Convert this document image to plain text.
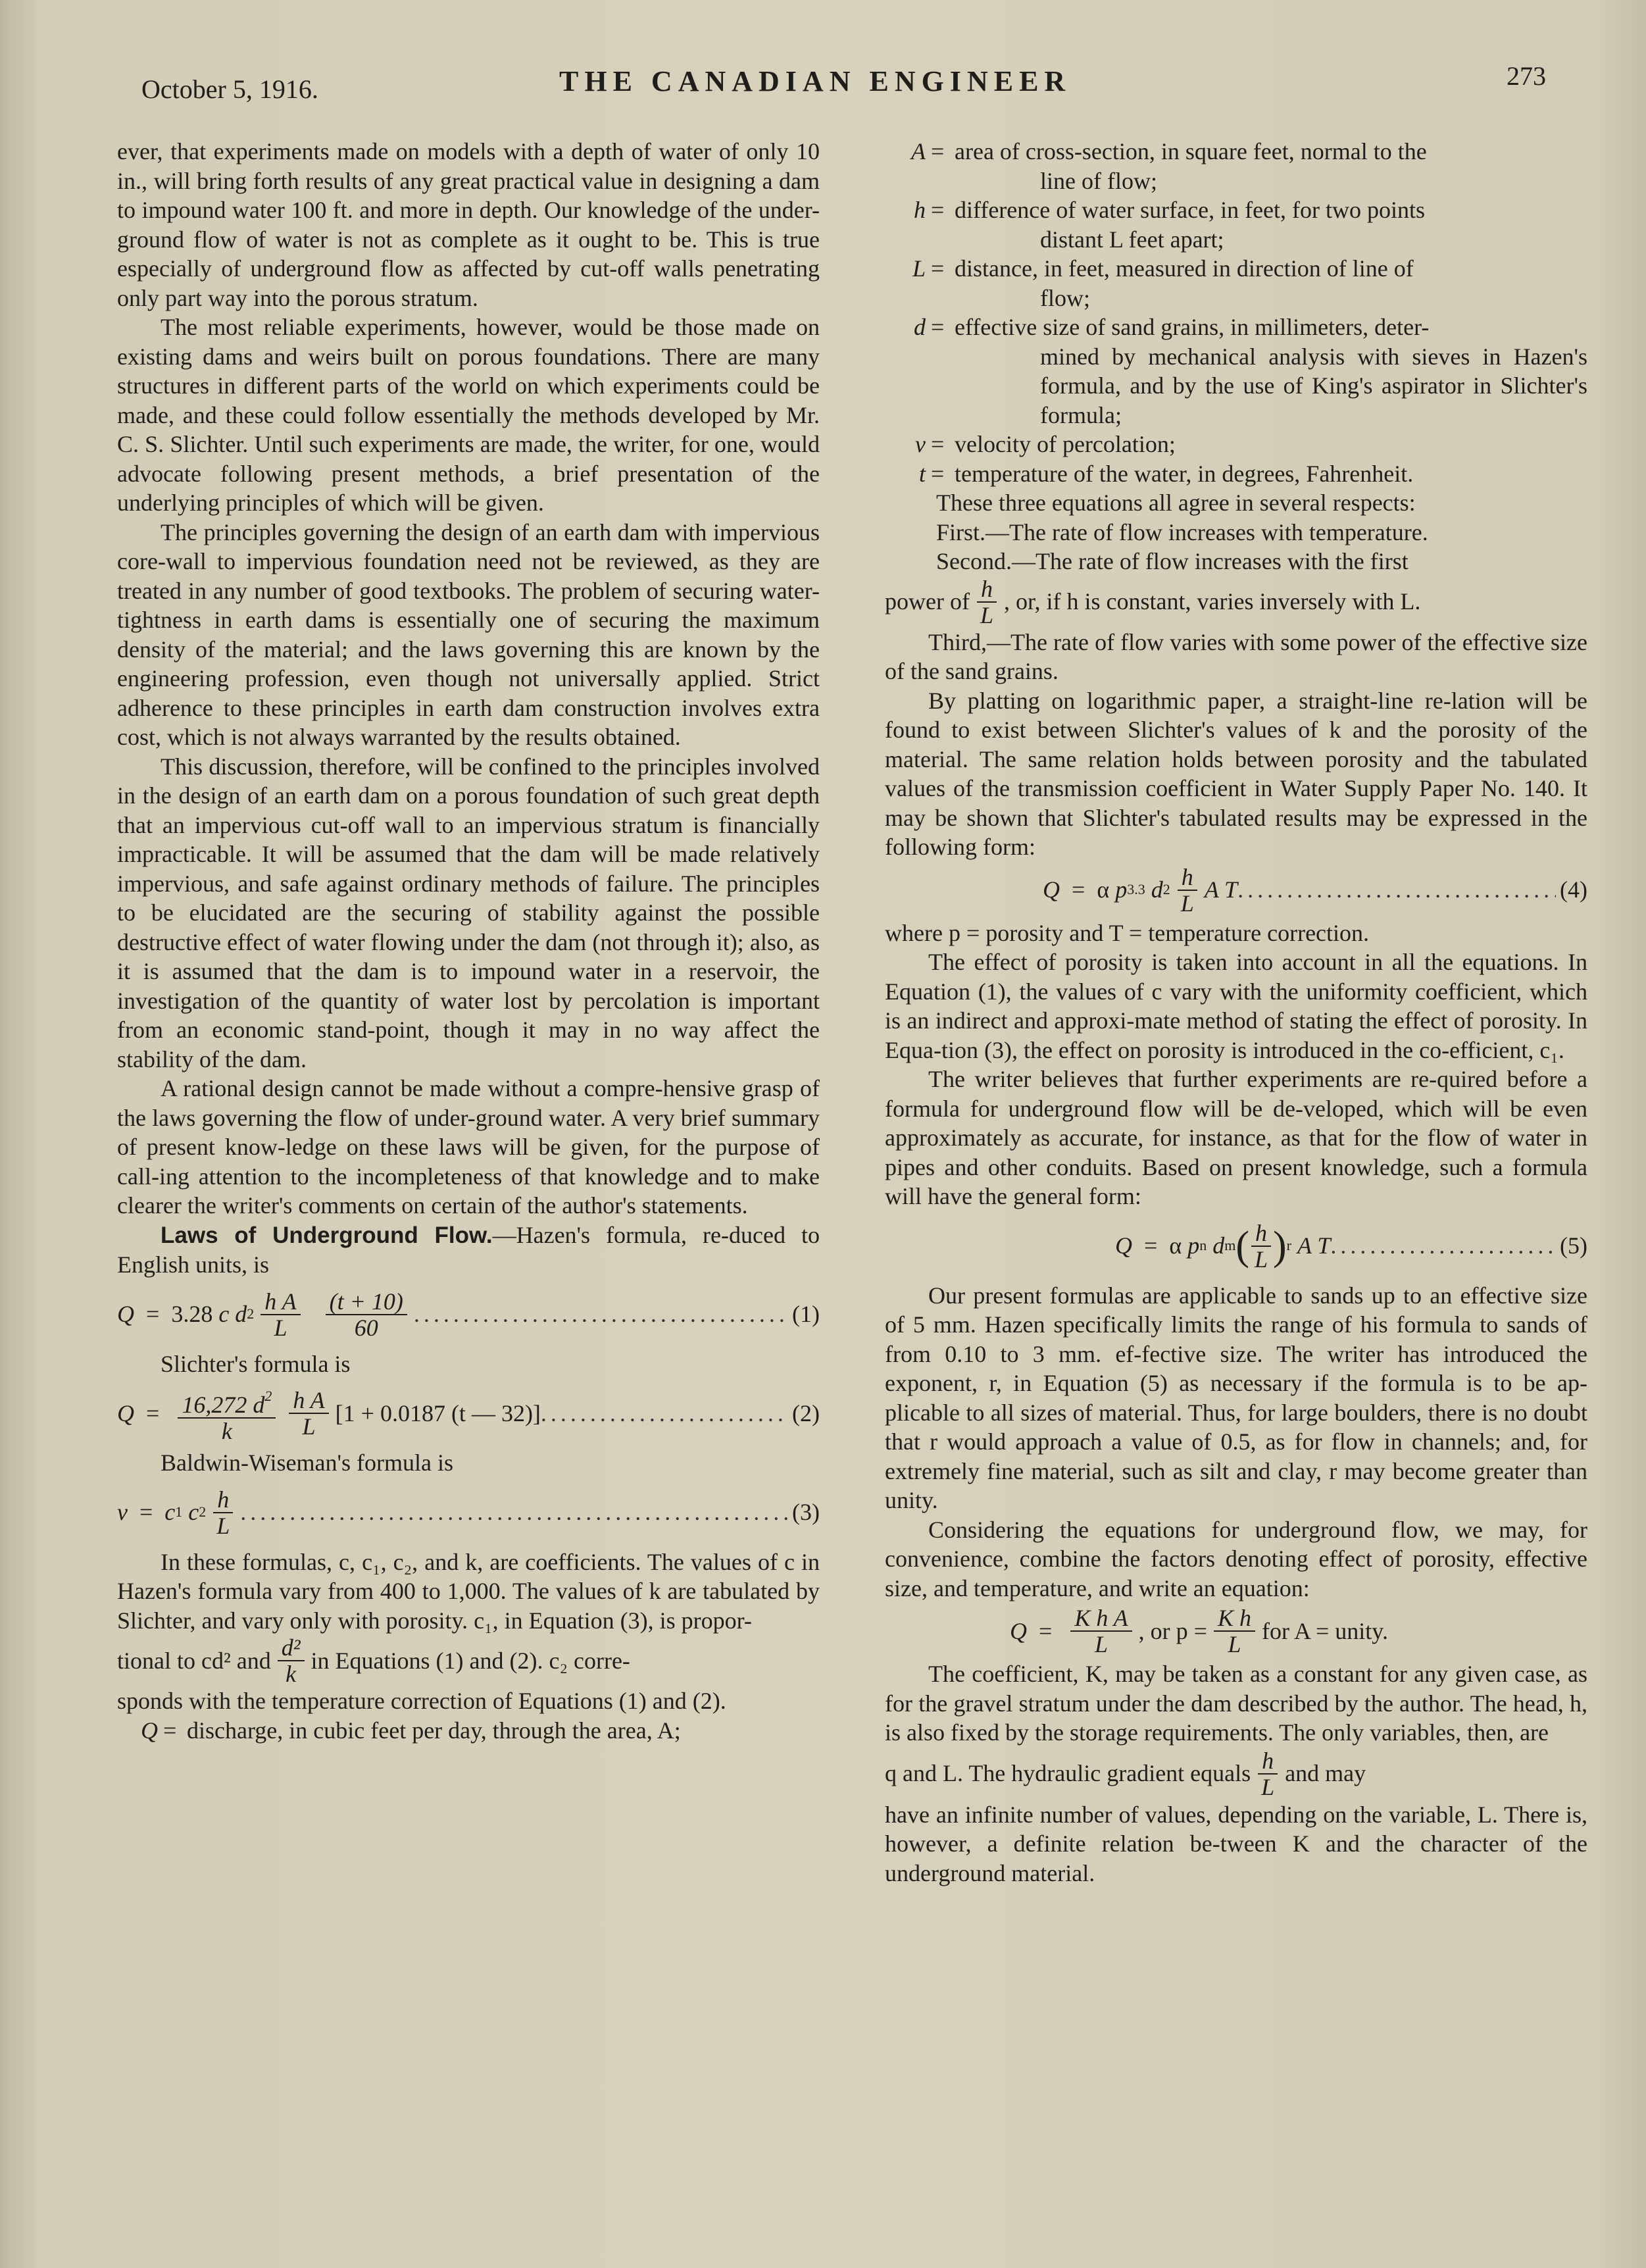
October 5, 1916.	THE CANADIAN ENGINEER	273

ever, that experiments made on models with a depth of water of only 10 in., will bring forth results of any great practical value in designing a dam to impound water 100 ft. and more in depth. Our knowledge of the under-ground flow of water is not as complete as it ought to be. This is true especially of underground flow as affected by cut-off walls penetrating only part way into the porous stratum.

The most reliable experiments, however, would be those made on existing dams and weirs built on porous foundations. There are many structures in different parts of the world on which experiments could be made, and these could follow essentially the methods developed by Mr. C. S. Slichter. Until such experiments are made, the writer, for one, would advocate following present methods, a brief presentation of the underlying principles of which will be given.

The principles governing the design of an earth dam with impervious core-wall to impervious foundation need not be reviewed, as they are treated in any number of good textbooks. The problem of securing water-tightness in earth dams is essentially one of securing the maximum density of the material; and the laws governing this are known by the engineering profession, even though not universally applied. Strict adherence to these principles in earth dam construction involves extra cost, which is not always warranted by the results obtained.

This discussion, therefore, will be confined to the principles involved in the design of an earth dam on a porous foundation of such great depth that an impervious cut-off wall to an impervious stratum is financially impracticable. It will be assumed that the dam will be made relatively impervious, and safe against ordinary methods of failure. The principles to be elucidated are the securing of stability against the possible destructive effect of water flowing under the dam (not through it); also, as it is assumed that the dam is to impound water in a reservoir, the investigation of the quantity of water lost by percolation is important from an economic stand-point, though it may in no way affect the stability of the dam.

A rational design cannot be made without a compre-hensive grasp of the laws governing the flow of under-ground water. A very brief summary of present know-ledge on these laws will be given, for the purpose of call-ing attention to the incompleteness of that knowledge and to make clearer the writer's comments on certain of the author's statements.

Laws of Underground Flow.—Hazen's formula, re-duced to English units, is

Q = 3.28
c
d $2 \frac{\text{h A}}{L} \frac{(t + 10)}{60}$ .....	(1)

Slichter's formula is

$Q = \frac{16,272 d^2}{k} \frac{\text{h A}}{L} [1 + 0.0187$ (t — 32)] .....	(2)

Baldwin-Wiseman's formula is

v = c 1
c $2 \frac{h}{L}$ .....	(3)

In these formulas, c, c₁, c₂, and k, are coefficients. The values of c in Hazen's formula vary from 400 to 1,000. The values of k are tabulated by Slichter, and vary only with porosity. c₁, in Equation (3), is propor-

tional to cd² and $\frac{\text{d²}}{k}$ in Equations (1) and (2). c₂ corre-

sponds with the temperature correction of Equations (1) and (2).

Q = discharge, in cubic feet per day, through the area, A;
A = area of cross-section, in square feet, normal to the
line of flow;
h = difference of water surface, in feet, for two points
distant L feet apart;
L = distance, in feet, measured in direction of line of
flow;
d = effective size of sand grains, in millimeters, deter-
mined by mechanical analysis with sieves in Hazen's formula, and by the use of King's aspirator in Slichter's formula;
v = velocity of percolation;
t = temperature of the water, in degrees, Fahrenheit.

These three equations all agree in several respects:

First.—The rate of flow increases with temperature.

Second.—The rate of flow increases with the first

power of $\frac{h}{L}$ , or, if h is constant, varies inversely with L.

Third,—The rate of flow varies with some power of the effective size of the sand grains.

By platting on logarithmic paper, a straight-line re-lation will be found to exist between Slichter's values of k and the porosity of the material. The same relation holds between porosity and the tabulated values of the transmission coefficient in Water Supply Paper No. 140. It may be shown that Slichter's tabulated results may be expressed in the following form:

Q = α
p 3.3
d $2 \frac{h}{L}$ A T .....	(4)

where p = porosity and T = temperature correction.

The effect of porosity is taken into account in all the equations. In Equation (1), the values of c vary with the uniformity coefficient, which is an indirect and approxi-mate method of stating the effect of porosity. In Equa-tion (3), the effect on porosity is introduced in the co-efficient, c₁.

The writer believes that further experiments are re-quired before a formula for underground flow will be de-veloped, which will be even approximately as accurate, for instance, as that for the flow of water in pipes and other conduits. Based on present knowledge, such a formula will have the general form:

Q = α
p n
d m ( $\frac{h}{L}$ ) r
A T .....	(5)

Our present formulas are applicable to sands up to an effective size of 5 mm. Hazen specifically limits the range of his formula to sands of from 0.10 to 3 mm. ef-fective size. The writer has introduced the exponent, r, in Equation (5) as necessary if the formula is to be ap-plicable to all sizes of material. Thus, for large boulders, there is no doubt that r would approach a value of 0.5, as for flow in channels; and, for extremely fine material, such as silt and clay, r may become greater than unity.

Considering the equations for underground flow, we may, for convenience, combine the factors denoting effect of porosity, effective size, and temperature, and write an equation:

$Q = \frac{\text{K h A}}{L}$ , or $p = \frac{\text{K h}}{L}$ for A = unity.

The coefficient, K, may be taken as a constant for any given case, as for the gravel stratum under the dam described by the author. The head, h, is also fixed by the storage requirements. The only variables, then, are

q and L. The hydraulic gradient equals $\frac{h}{L}$ and may

have an infinite number of values, depending on the variable, L. There is, however, a definite relation be-tween K and the character of the underground material.
